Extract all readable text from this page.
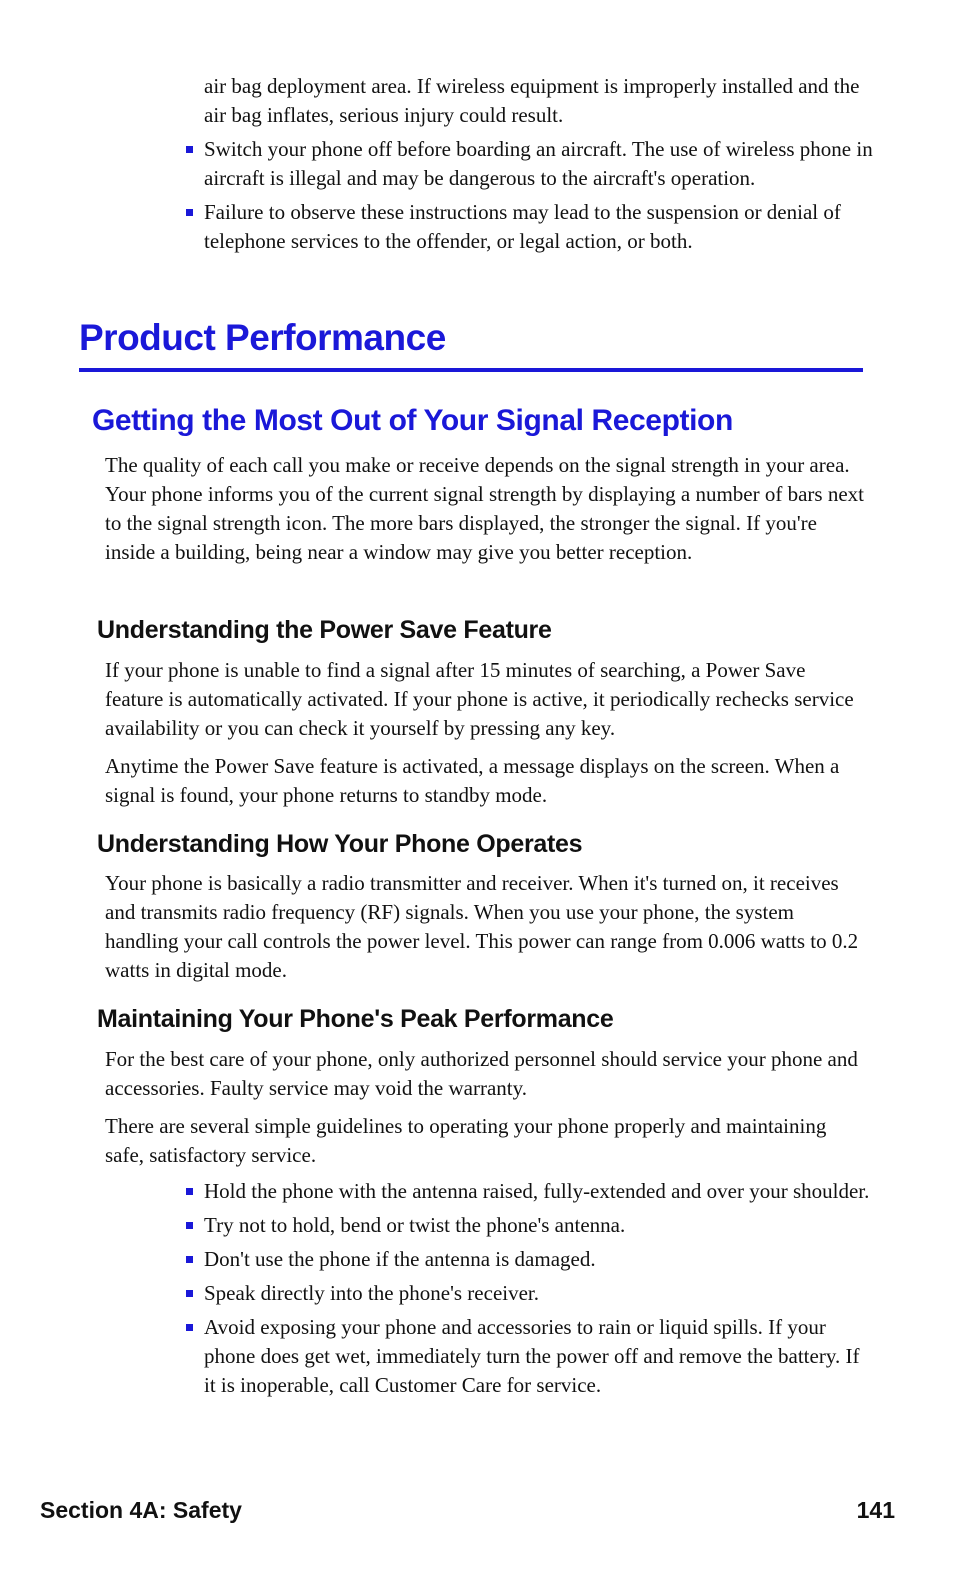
air bag deployment area. If wireless equipment is improperly installed and the air bag inflates, serious injury could result.

Switch your phone off before boarding an aircraft. The use of wireless phone in aircraft is illegal and may be dangerous to the aircraft's operation.
Failure to observe these instructions may lead to the suspension or denial of telephone services to the offender, or legal action, or both.
Product Performance
Getting the Most Out of Your Signal Reception

The quality of each call you make or receive depends on the signal strength in your area. Your phone informs you of the current signal strength by displaying a number of bars next to the signal strength icon. The more bars displayed, the stronger the signal. If you're inside a building, being near a window may give you better reception.

Understanding the Power Save Feature

If your phone is unable to find a signal after 15 minutes of searching, a Power Save feature is automatically activated. If your phone is active, it periodically rechecks service availability or you can check it yourself by pressing any key.

Anytime the Power Save feature is activated, a message displays on the screen. When a signal is found, your phone returns to standby mode.

Understanding How Your Phone Operates

Your phone is basically a radio transmitter and receiver. When it's turned on, it receives and transmits radio frequency (RF) signals. When you use your phone, the system handling your call controls the power level. This power can range from 0.006 watts to 0.2 watts in digital mode.

Maintaining Your Phone's Peak Performance

For the best care of your phone, only authorized personnel should service your phone and accessories. Faulty service may void the warranty.

There are several simple guidelines to operating your phone properly and maintaining safe, satisfactory service.

Hold the phone with the antenna raised, fully-extended and over your shoulder.
Try not to hold, bend or twist the phone's antenna.
Don't use the phone if the antenna is damaged.
Speak directly into the phone's receiver.
Avoid exposing your phone and accessories to rain or liquid spills. If your phone does get wet, immediately turn the power off and remove the battery. If it is inoperable, call Customer Care for service.
Section 4A: Safety	141
